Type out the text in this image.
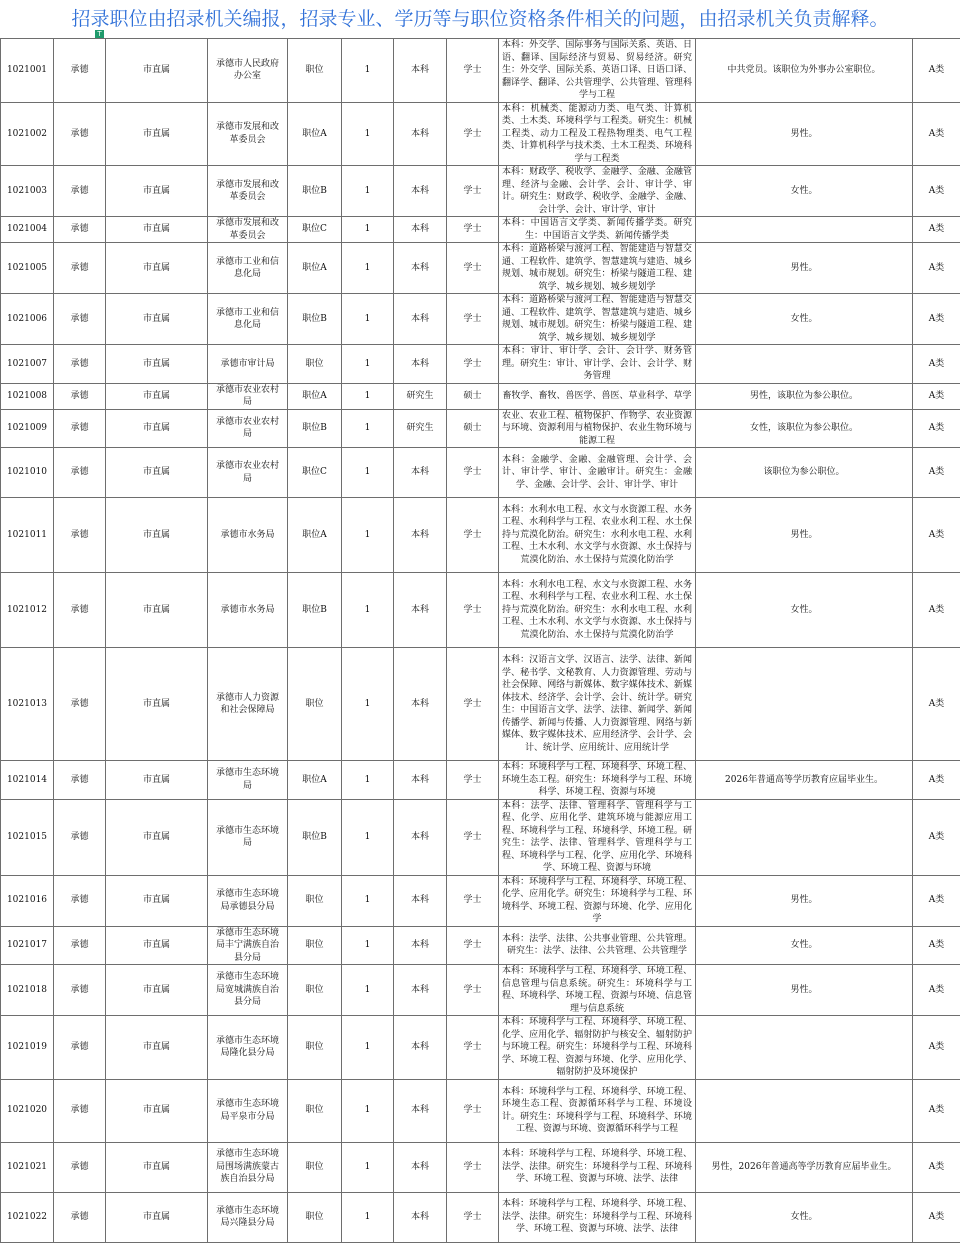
招录职位由招录机关编报，招录专业、学历等与职位资格条件相关的问题，由招录机关负责解释。
T
1021001	承德	市直属	承德市人民政府办公室	职位	1	本科	学士	本科：外交学、国际事务与国际关系、英语、日语、翻译、国际经济与贸易、贸易经济。研究生：外交学、国际关系、英语口译、日语口译、翻译学、翻译、公共管理学、公共管理、管理科学与工程	中共党员。该职位为外事办公室职位。	A类
1021002	承德	市直属	承德市发展和改革委员会	职位A	1	本科	学士	本科：机械类、能源动力类、电气类、计算机类、土木类、环境科学与工程类。研究生：机械工程类、动力工程及工程热物理类、电气工程类、计算机科学与技术类、土木工程类、环境科学与工程类	男性。	A类
1021003	承德	市直属	承德市发展和改革委员会	职位B	1	本科	学士	本科：财政学、税收学、金融学、金融、金融管理、经济与金融、会计学、会计、审计学、审计。研究生：财政学、税收学、金融学、金融、会计学、会计、审计学、审计	女性。	A类
1021004	承德	市直属	承德市发展和改革委员会	职位C	1	本科	学士	本科：中国语言文学类、新闻传播学类。研究生：中国语言文学类、新闻传播学类		A类
1021005	承德	市直属	承德市工业和信息化局	职位A	1	本科	学士	本科：道路桥梁与渡河工程、智能建造与智慧交通、工程软件、建筑学、智慧建筑与建造、城乡规划、城市规划。研究生：桥梁与隧道工程、建筑学、城乡规划、城乡规划学	男性。	A类
1021006	承德	市直属	承德市工业和信息化局	职位B	1	本科	学士	本科：道路桥梁与渡河工程、智能建造与智慧交通、工程软件、建筑学、智慧建筑与建造、城乡规划、城市规划。研究生：桥梁与隧道工程、建筑学、城乡规划、城乡规划学	女性。	A类
1021007	承德	市直属	承德市审计局	职位	1	本科	学士	本科：审计、审计学、会计、会计学、财务管理。研究生：审计、审计学、会计、会计学、财务管理		A类
1021008	承德	市直属	承德市农业农村局	职位A	1	研究生	硕士	畜牧学、畜牧、兽医学、兽医、草业科学、草学	男性，该职位为参公职位。	A类
1021009	承德	市直属	承德市农业农村局	职位B	1	研究生	硕士	农业、农业工程、植物保护、作物学、农业资源与环境、资源利用与植物保护、农业生物环境与能源工程	女性，该职位为参公职位。	A类
1021010	承德	市直属	承德市农业农村局	职位C	1	本科	学士	本科：金融学、金融、金融管理、会计学、会计、审计学、审计、金融审计。研究生：金融学、金融、会计学、会计、审计学、审计	该职位为参公职位。	A类
1021011	承德	市直属	承德市水务局	职位A	1	本科	学士	本科：水利水电工程、水文与水资源工程、水务工程、水利科学与工程、农业水利工程、水土保持与荒漠化防治。研究生：水利水电工程、水利工程、土木水利、水文学与水资源、水土保持与荒漠化防治、水土保持与荒漠化防治学	男性。	A类
1021012	承德	市直属	承德市水务局	职位B	1	本科	学士	本科：水利水电工程、水文与水资源工程、水务工程、水利科学与工程、农业水利工程、水土保持与荒漠化防治。研究生：水利水电工程、水利工程、土木水利、水文学与水资源、水土保持与荒漠化防治、水土保持与荒漠化防治学	女性。	A类
1021013	承德	市直属	承德市人力资源和社会保障局	职位	1	本科	学士	本科：汉语言文学、汉语言、法学、法律、新闻学、秘书学、文秘教育、人力资源管理、劳动与社会保障、网络与新媒体、数字媒体技术、新媒体技术、经济学、会计学、会计、统计学。研究生：中国语言文学、法学、法律、新闻学、新闻传播学、新闻与传播、人力资源管理、网络与新媒体、数字媒体技术、应用经济学、会计学、会计、统计学、应用统计、应用统计学		A类
1021014	承德	市直属	承德市生态环境局	职位A	1	本科	学士	本科：环境科学与工程、环境科学、环境工程、环境生态工程。研究生：环境科学与工程、环境科学、环境工程、资源与环境	2026年普通高等学历教育应届毕业生。	A类
1021015	承德	市直属	承德市生态环境局	职位B	1	本科	学士	本科：法学、法律、管理科学、管理科学与工程、化学、应用化学、建筑环境与能源应用工程、环境科学与工程、环境科学、环境工程。研究生：法学、法律、管理科学、管理科学与工程、环境科学与工程、化学、应用化学、环境科学、环境工程、资源与环境		A类
1021016	承德	市直属	承德市生态环境局承德县分局	职位	1	本科	学士	本科：环境科学与工程、环境科学、环境工程、化学、应用化学。研究生：环境科学与工程、环境科学、环境工程、资源与环境、化学、应用化学	男性。	A类
1021017	承德	市直属	承德市生态环境局丰宁满族自治县分局	职位	1	本科	学士	本科：法学、法律、公共事业管理、公共管理。研究生：法学、法律、公共管理、公共管理学	女性。	A类
1021018	承德	市直属	承德市生态环境局宽城满族自治县分局	职位	1	本科	学士	本科：环境科学与工程、环境科学、环境工程、信息管理与信息系统。研究生：环境科学与工程、环境科学、环境工程、资源与环境、信息管理与信息系统	男性。	A类
1021019	承德	市直属	承德市生态环境局隆化县分局	职位	1	本科	学士	本科：环境科学与工程、环境科学、环境工程、化学、应用化学、辐射防护与核安全、辐射防护与环境工程。研究生：环境科学与工程、环境科学、环境工程、资源与环境、化学、应用化学、辐射防护及环境保护		A类
1021020	承德	市直属	承德市生态环境局平泉市分局	职位	1	本科	学士	本科：环境科学与工程、环境科学、环境工程、环境生态工程、资源循环科学与工程、环境设计。研究生：环境科学与工程、环境科学、环境工程、资源与环境、资源循环科学与工程		A类
1021021	承德	市直属	承德市生态环境局围场满族蒙古族自治县分局	职位	1	本科	学士	本科：环境科学与工程、环境科学、环境工程、法学、法律。研究生：环境科学与工程、环境科学、环境工程、资源与环境、法学、法律	男性，2026年普通高等学历教育应届毕业生。	A类
1021022	承德	市直属	承德市生态环境局兴隆县分局	职位	1	本科	学士	本科：环境科学与工程、环境科学、环境工程、法学、法律。研究生：环境科学与工程、环境科学、环境工程、资源与环境、法学、法律	女性。	A类
